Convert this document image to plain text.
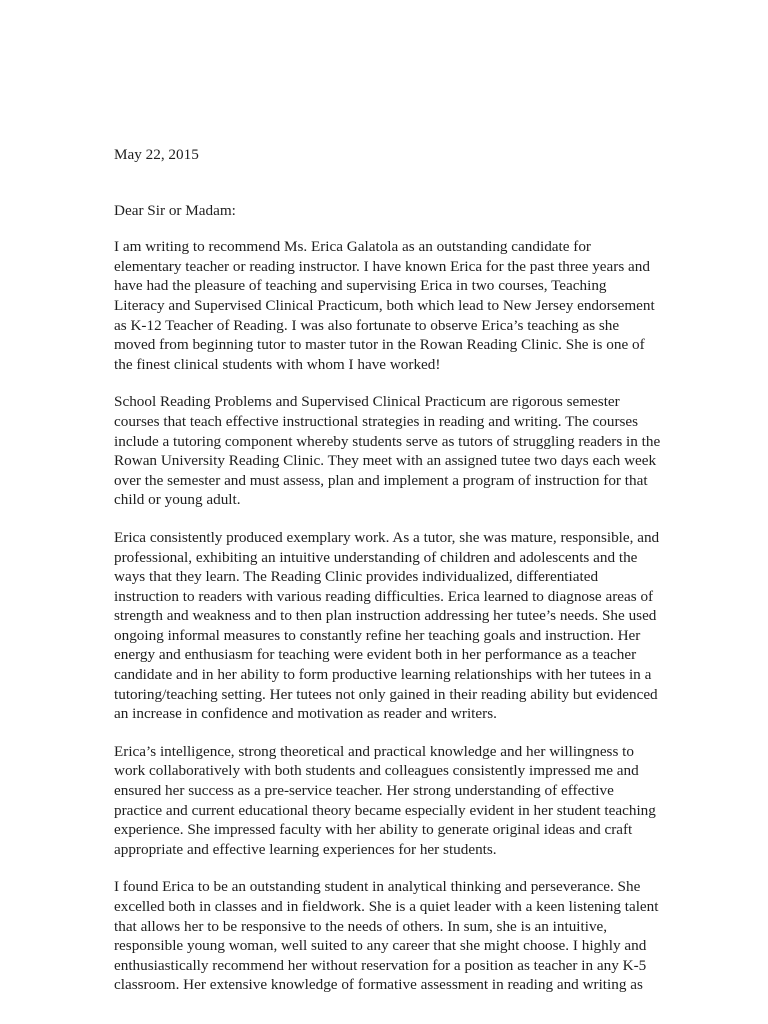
May 22, 2015
Dear Sir or Madam:
I am writing to recommend Ms. Erica Galatola as an outstanding candidate for
elementary teacher or reading instructor. I have known Erica for the past three years and
have had the pleasure of teaching and supervising Erica in two courses, Teaching
Literacy and Supervised Clinical Practicum, both which lead to New Jersey endorsement
as K-12 Teacher of Reading. I was also fortunate to observe Erica’s teaching as she
moved from beginning tutor to master tutor in the Rowan Reading Clinic. She is one of
the finest clinical students with whom I have worked!
School Reading Problems and Supervised Clinical Practicum are rigorous semester
courses that teach effective instructional strategies in reading and writing. The courses
include a tutoring component whereby students serve as tutors of struggling readers in the
Rowan University Reading Clinic. They meet with an assigned tutee two days each week
over the semester and must assess, plan and implement a program of instruction for that
child or young adult.
Erica consistently produced exemplary work. As a tutor, she was mature, responsible, and
professional, exhibiting an intuitive understanding of children and adolescents and the
ways that they learn. The Reading Clinic provides individualized, differentiated
instruction to readers with various reading difficulties. Erica learned to diagnose areas of
strength and weakness and to then plan instruction addressing her tutee’s needs. She used
ongoing informal measures to constantly refine her teaching goals and instruction. Her
energy and enthusiasm for teaching were evident both in her performance as a teacher
candidate and in her ability to form productive learning relationships with her tutees in a
tutoring/teaching setting. Her tutees not only gained in their reading ability but evidenced
an increase in confidence and motivation as reader and writers.
Erica’s intelligence, strong theoretical and practical knowledge and her willingness to
work collaboratively with both students and colleagues consistently impressed me and
ensured her success as a pre-service teacher. Her strong understanding of effective
practice and current educational theory became especially evident in her student teaching
experience. She impressed faculty with her ability to generate original ideas and craft
appropriate and effective learning experiences for her students.
I found Erica to be an outstanding student in analytical thinking and perseverance. She
excelled both in classes and in fieldwork. She is a quiet leader with a keen listening talent
that allows her to be responsive to the needs of others. In sum, she is an intuitive,
responsible young woman, well suited to any career that she might choose. I highly and
enthusiastically recommend her without reservation for a position as teacher in any K-5
classroom. Her extensive knowledge of formative assessment in reading and writing as
